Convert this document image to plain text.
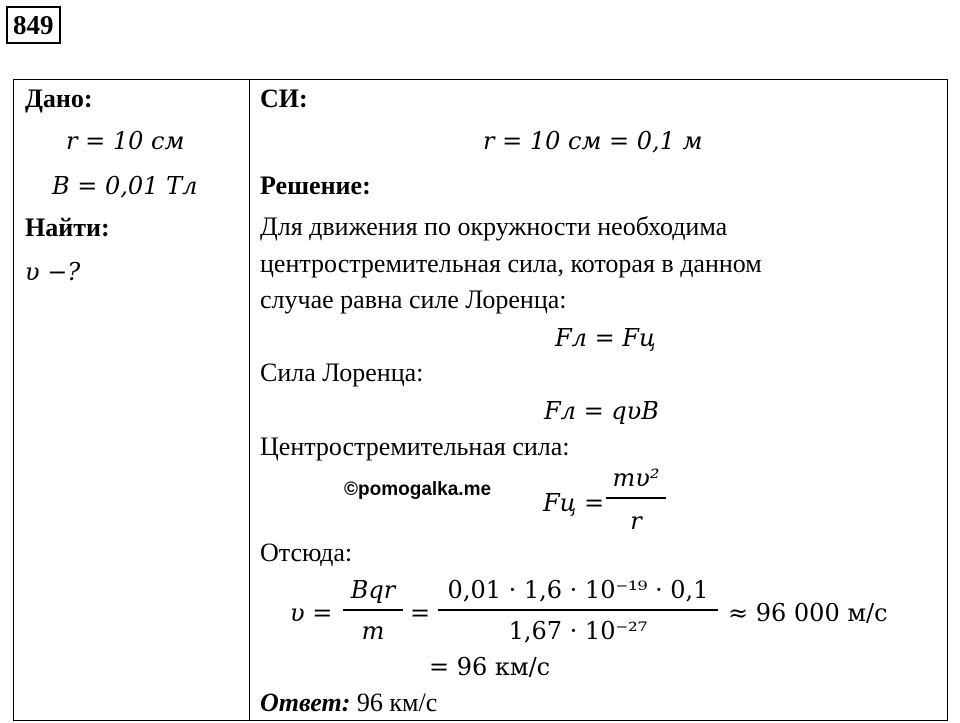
849
Дано:
r = 10 см
B = 0,01 Тл
Найти:
υ −?
СИ:
r = 10 см = 0,1 м
Решение:
Для движения по окружности необходима
центростремительная сила, которая в данном
случае равна силе Лоренца:
Fл = Fц
Сила Лоренца:
Fл = qυB
Центростремительная сила:
Fц =
mυ²
r
©pomogalka.me
Отсюда:
υ =
Bqr
m
=
0,01 · 1,6 · 10⁻¹⁹ · 0,1
1,67 · 10⁻²⁷
≈ 96 000 м/с
= 96 км/с
Ответ: 96 км/с
